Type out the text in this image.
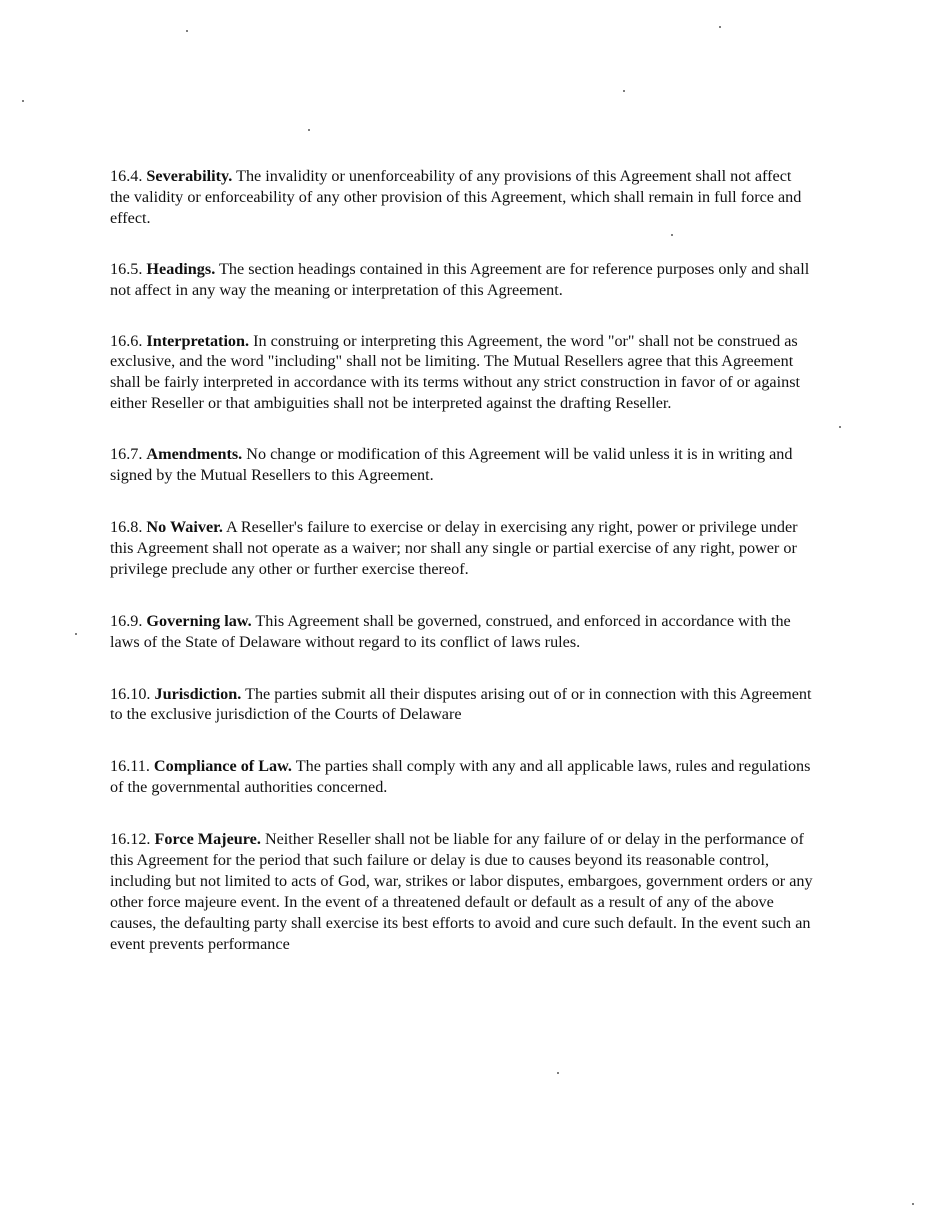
16.4. Severability. The invalidity or unenforceability of any provisions of this Agreement shall not affect the validity or enforceability of any other provision of this Agreement, which shall remain in full force and effect.

16.5. Headings. The section headings contained in this Agreement are for reference purposes only and shall not affect in any way the meaning or interpretation of this Agreement.

16.6. Interpretation. In construing or interpreting this Agreement, the word "or" shall not be construed as exclusive, and the word "including" shall not be limiting. The Mutual Resellers agree that this Agreement shall be fairly interpreted in accordance with its terms without any strict construction in favor of or against either Reseller or that ambiguities shall not be interpreted against the drafting Reseller.

16.7. Amendments. No change or modification of this Agreement will be valid unless it is in writing and signed by the Mutual Resellers to this Agreement.

16.8. No Waiver. A Reseller's failure to exercise or delay in exercising any right, power or privilege under this Agreement shall not operate as a waiver; nor shall any single or partial exercise of any right, power or privilege preclude any other or further exercise thereof.

16.9. Governing law. This Agreement shall be governed, construed, and enforced in accordance with the laws of the State of Delaware without regard to its conflict of laws rules.

16.10. Jurisdiction. The parties submit all their disputes arising out of or in connection with this Agreement to the exclusive jurisdiction of the Courts of Delaware

16.11. Compliance of Law. The parties shall comply with any and all applicable laws, rules and regulations of the governmental authorities concerned.

16.12. Force Majeure. Neither Reseller shall not be liable for any failure of or delay in the performance of this Agreement for the period that such failure or delay is due to causes beyond its reasonable control, including but not limited to acts of God, war, strikes or labor disputes, embargoes, government orders or any other force majeure event. In the event of a threatened default or default as a result of any of the above causes, the defaulting party shall exercise its best efforts to avoid and cure such default. In the event such an event prevents performance
